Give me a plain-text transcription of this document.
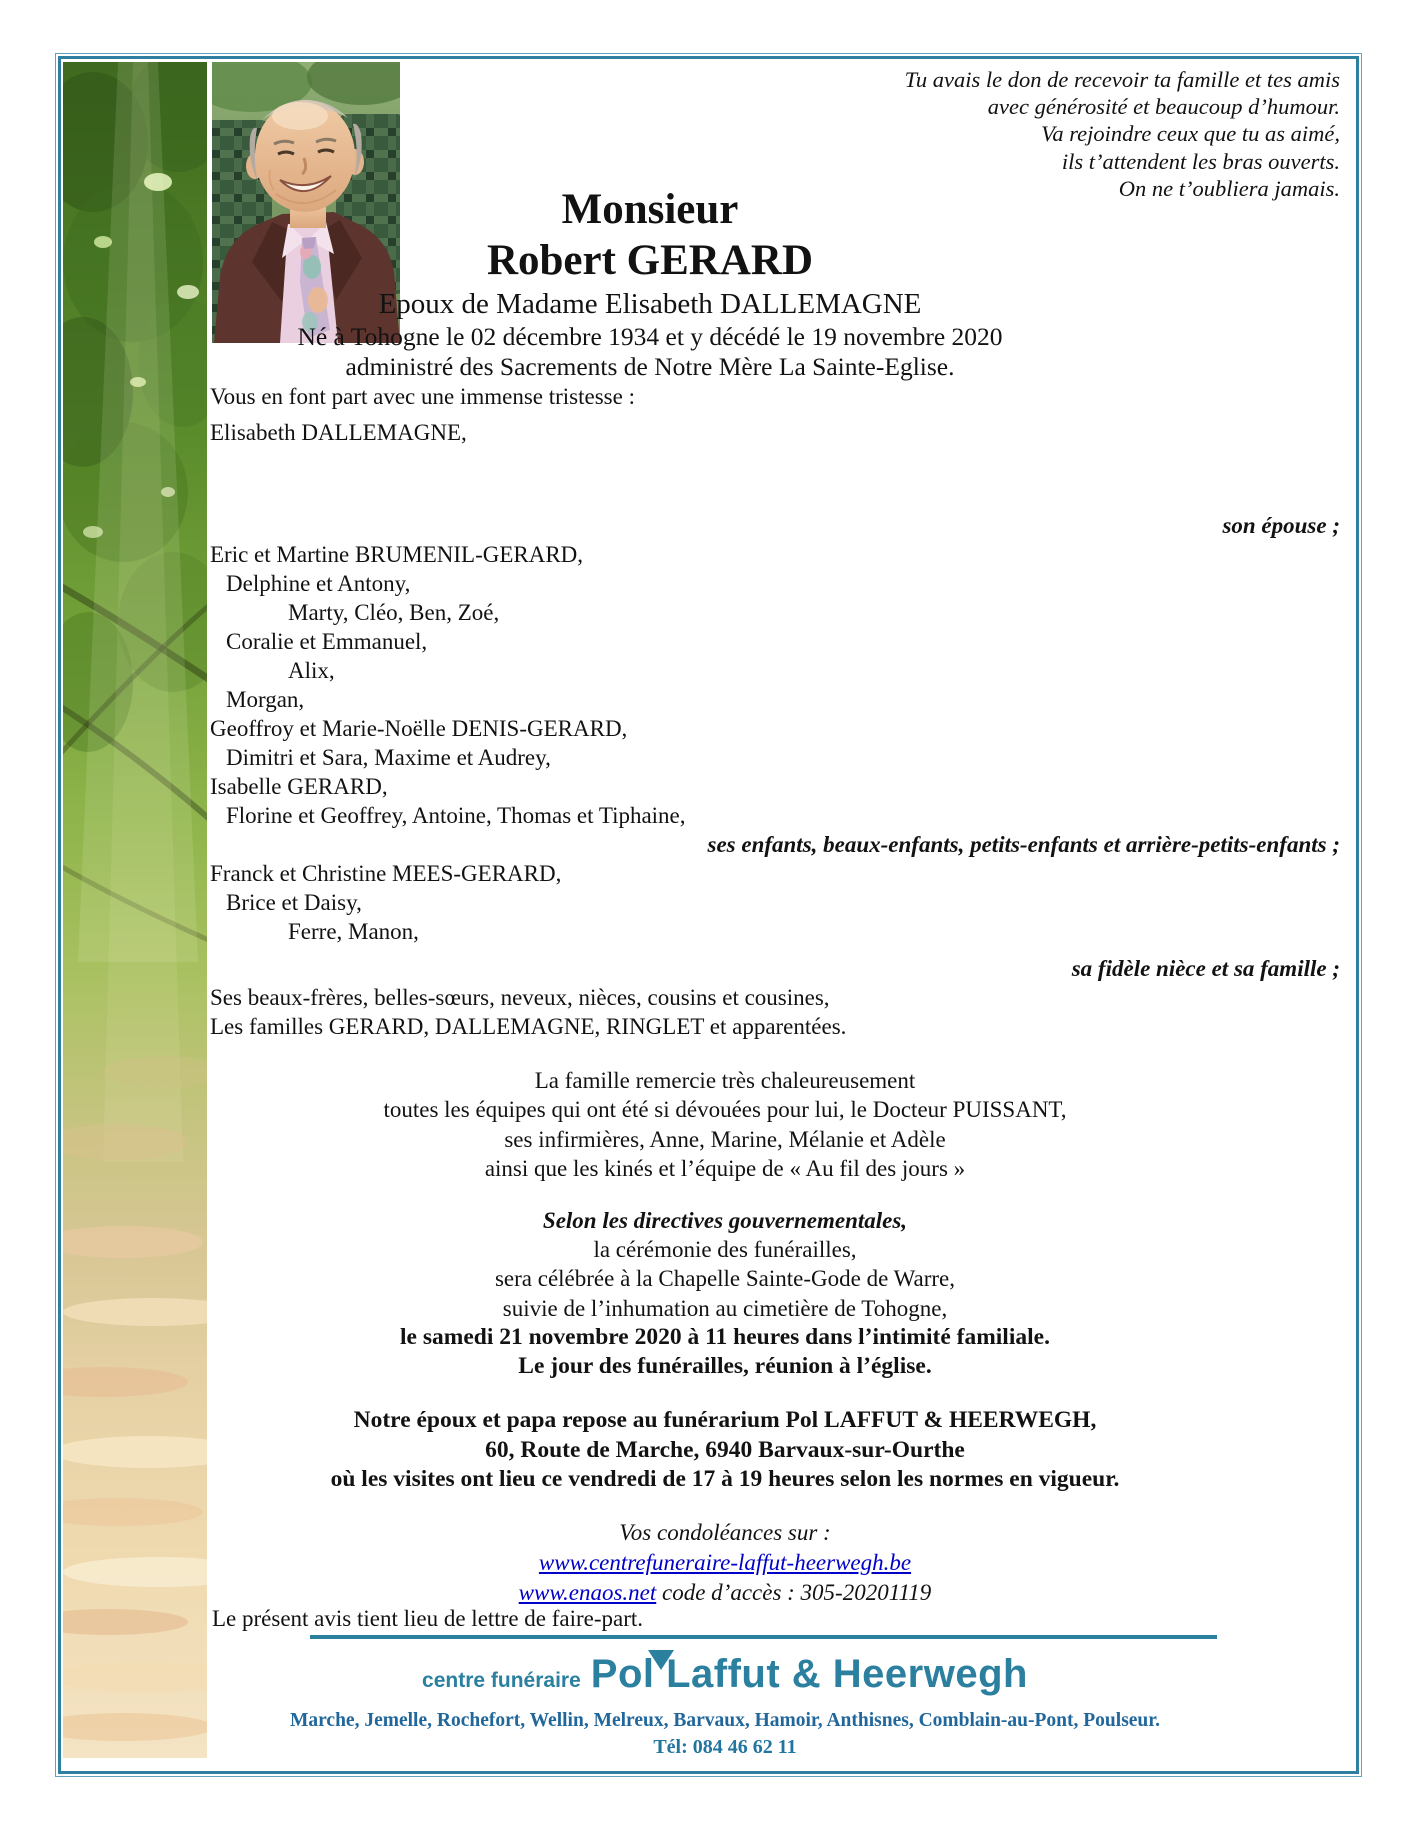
Tu avais le don de recevoir ta famille et tes amis
avec générosité et beaucoup d’humour.
Va rejoindre ceux que tu as aimé,
ils t’attendent les bras ouverts.
On ne t’oubliera jamais.
Monsieur
Robert GERARD
Epoux de Madame Elisabeth DALLEMAGNE
Né à Tohogne le 02 décembre 1934 et y décédé le 19 novembre 2020
administré des Sacrements de Notre Mère La Sainte-Eglise.
Vous en font part avec une immense tristesse :
Elisabeth DALLEMAGNE,
son épouse ;
Eric et Martine BRUMENIL-GERARD,
Delphine et Antony,
Marty, Cléo, Ben, Zoé,
Coralie et Emmanuel,
Alix,
Morgan,
Geoffroy et Marie-Noëlle DENIS-GERARD,
Dimitri et Sara, Maxime et Audrey,
Isabelle GERARD,
Florine et Geoffrey, Antoine, Thomas et Tiphaine,
ses enfants, beaux-enfants, petits-enfants et arrière-petits-enfants ;
Franck et Christine MEES-GERARD,
Brice et Daisy,
Ferre, Manon,
sa fidèle nièce et sa famille ;
Ses beaux-frères, belles-sœurs, neveux, nièces, cousins et cousines,
Les familles GERARD, DALLEMAGNE, RINGLET et apparentées.
La famille remercie très chaleureusement
toutes les équipes qui ont été si dévouées pour lui, le Docteur PUISSANT,
ses infirmières, Anne, Marine, Mélanie et Adèle
ainsi que les kinés et l’équipe de « Au fil des jours »
Selon les directives gouvernementales,
la cérémonie des funérailles,
sera célébrée à la Chapelle Sainte-Gode de Warre,
suivie de l’inhumation au cimetière de Tohogne,
le samedi 21 novembre 2020 à 11 heures dans l’intimité familiale.
Le jour des funérailles, réunion à l’église.
Notre époux et papa repose au funérarium Pol LAFFUT & HEERWEGH,
60, Route de Marche, 6940 Barvaux-sur-Ourthe
où les visites ont lieu ce vendredi de 17 à 19 heures selon les normes en vigueur.
Vos condoléances sur :
www.centrefuneraire-laffut-heerwegh.be
www.enaos.net code d’accès : 305-20201119
Le présent avis tient lieu de lettre de faire-part.
centre funéraire Pol Laffut & Heerwegh
Marche, Jemelle, Rochefort, Wellin, Melreux, Barvaux, Hamoir, Anthisnes, Comblain-au-Pont, Poulseur.
Tél: 084 46 62 11
